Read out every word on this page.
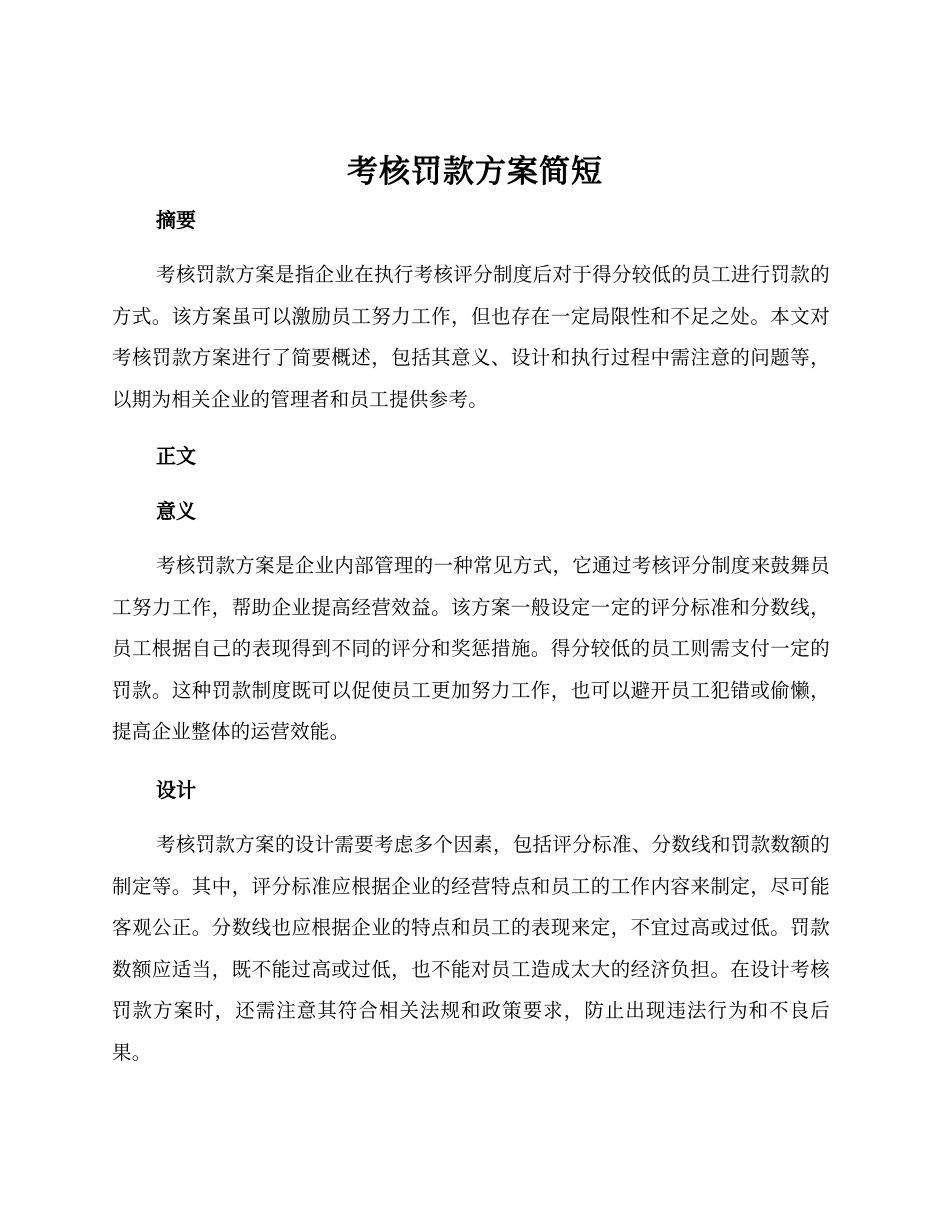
考核罚款方案简短
摘要

考核罚款方案是指企业在执行考核评分制度后对于得分较低的员工进行罚款的方式。该方案虽可以激励员工努力工作，但也存在一定局限性和不足之处。本文对考核罚款方案进行了简要概述，包括其意义、设计和执行过程中需注意的问题等，以期为相关企业的管理者和员工提供参考。

正文
意义

考核罚款方案是企业内部管理的一种常见方式，它通过考核评分制度来鼓舞员工努力工作，帮助企业提高经营效益。该方案一般设定一定的评分标准和分数线，员工根据自己的表现得到不同的评分和奖惩措施。得分较低的员工则需支付一定的罚款。这种罚款制度既可以促使员工更加努力工作，也可以避开员工犯错或偷懒，提高企业整体的运营效能。

设计

考核罚款方案的设计需要考虑多个因素，包括评分标准、分数线和罚款数额的制定等。其中，评分标准应根据企业的经营特点和员工的工作内容来制定，尽可能客观公正。分数线也应根据企业的特点和员工的表现来定，不宜过高或过低。罚款数额应适当，既不能过高或过低，也不能对员工造成太大的经济负担。在设计考核罚款方案时，还需注意其符合相关法规和政策要求，防止出现违法行为和不良后果。
